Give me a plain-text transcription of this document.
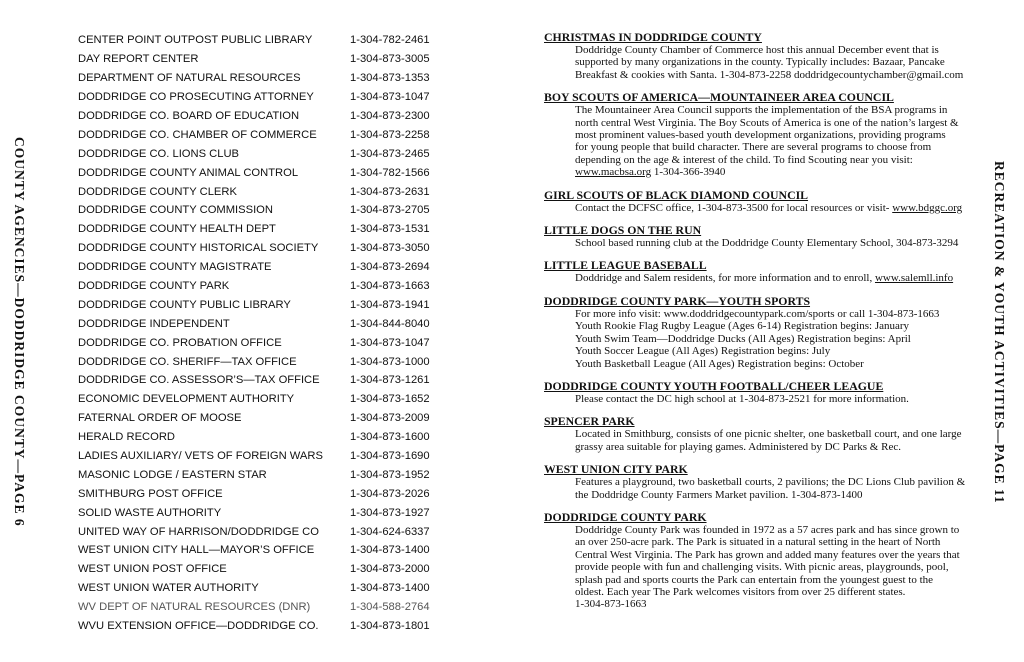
COUNTY AGENCIES—DODDRIDGE COUNTY—PAGE 6	RECREATION & YOUTH ACTIVITIES—PAGE 11
CENTER POINT OUTPOST PUBLIC LIBRARY	1-304-782-2461
DAY REPORT CENTER	1-304-873-3005
DEPARTMENT OF NATURAL RESOURCES	1-304-873-1353
DODDRIDGE CO PROSECUTING ATTORNEY	1-304-873-1047
DODDRIDGE CO. BOARD OF EDUCATION	1-304-873-2300
DODDRIDGE CO. CHAMBER OF COMMERCE	1-304-873-2258
DODDRIDGE CO. LIONS CLUB	1-304-873-2465
DODDRIDGE COUNTY ANIMAL CONTROL	1-304-782-1566
DODDRIDGE COUNTY CLERK	1-304-873-2631
DODDRIDGE COUNTY COMMISSION	1-304-873-2705
DODDRIDGE COUNTY HEALTH DEPT	1-304-873-1531
DODDRIDGE COUNTY HISTORICAL SOCIETY	1-304-873-3050
DODDRIDGE COUNTY MAGISTRATE	1-304-873-2694
DODDRIDGE COUNTY PARK	1-304-873-1663
DODDRIDGE COUNTY PUBLIC LIBRARY	1-304-873-1941
DODDRIDGE INDEPENDENT	1-304-844-8040
DODDRIDGE CO. PROBATION OFFICE	1-304-873-1047
DODDRIDGE CO. SHERIFF—TAX OFFICE	1-304-873-1000
DODDRIDGE CO. ASSESSOR’S—TAX OFFICE	1-304-873-1261
ECONOMIC DEVELOPMENT AUTHORITY	1-304-873-1652
FATERNAL ORDER OF MOOSE	1-304-873-2009
HERALD RECORD	1-304-873-1600
LADIES AUXILIARY/ VETS OF FOREIGN WARS	1-304-873-1690
MASONIC LODGE / EASTERN STAR	1-304-873-1952
SMITHBURG POST OFFICE	1-304-873-2026
SOLID WASTE AUTHORITY	1-304-873-1927
UNITED WAY OF HARRISON/DODDRIDGE CO	1-304-624-6337
WEST UNION CITY HALL—MAYOR’S OFFICE	1-304-873-1400
WEST UNION POST OFFICE	1-304-873-2000
WEST UNION WATER AUTHORITY	1-304-873-1400
WV DEPT OF NATURAL RESOURCES (DNR)	1-304-588-2764
WVU EXTENSION OFFICE—DODDRIDGE CO.	1-304-873-1801
CHRISTMAS IN DODDRIDGE COUNTY
Doddridge County Chamber of Commerce host this annual December event that is
supported by many organizations in the county. Typically includes: Bazaar, Pancake
Breakfast & cookies with Santa. 1-304-873-2258 doddridgecountychamber@gmail.com
BOY SCOUTS OF AMERICA—MOUNTAINEER AREA COUNCIL
The Mountaineer Area Council supports the implementation of the BSA programs in
north central West Virginia. The Boy Scouts of America is one of the nation’s largest &
most prominent values-based youth development organizations, providing programs
for young people that build character. There are several programs to choose from
depending on the age & interest of the child. To find Scouting near you visit:
www.macbsa.org 1-304-366-3940
GIRL SCOUTS OF BLACK DIAMOND COUNCIL
Contact the DCFSC office, 1-304-873-3500 for local resources or visit- www.bdggc.org
LITTLE DOGS ON THE RUN
School based running club at the Doddridge County Elementary School, 304-873-3294
LITTLE LEAGUE BASEBALL
Doddridge and Salem residents, for more information and to enroll, www.salemll.info
DODDRIDGE COUNTY PARK—YOUTH SPORTS
For more info visit: www.doddridgecountypark.com/sports or call 1-304-873-1663
Youth Rookie Flag Rugby League (Ages 6-14) Registration begins: January
Youth Swim Team—Doddridge Ducks (All Ages) Registration begins: April
Youth Soccer League (All Ages) Registration begins: July
Youth Basketball League (All Ages) Registration begins: October
DODDRIDGE COUNTY YOUTH FOOTBALL/CHEER LEAGUE
Please contact the DC high school at 1-304-873-2521 for more information.
SPENCER PARK
Located in Smithburg, consists of one picnic shelter, one basketball court, and one large
grassy area suitable for playing games. Administered by DC Parks & Rec.
WEST UNION CITY PARK
Features a playground, two basketball courts, 2 pavilions; the DC Lions Club pavilion &
the Doddridge County Farmers Market pavilion. 1-304-873-1400
DODDRIDGE COUNTY PARK
Doddridge County Park was founded in 1972 as a 57 acres park and has since grown to
an over 250-acre park. The Park is situated in a natural setting in the heart of North
Central West Virginia. The Park has grown and added many features over the years that
provide people with fun and challenging visits. With picnic areas, playgrounds, pool,
splash pad and sports courts the Park can entertain from the youngest guest to the
oldest. Each year The Park welcomes visitors from over 25 different states.
1-304-873-1663
